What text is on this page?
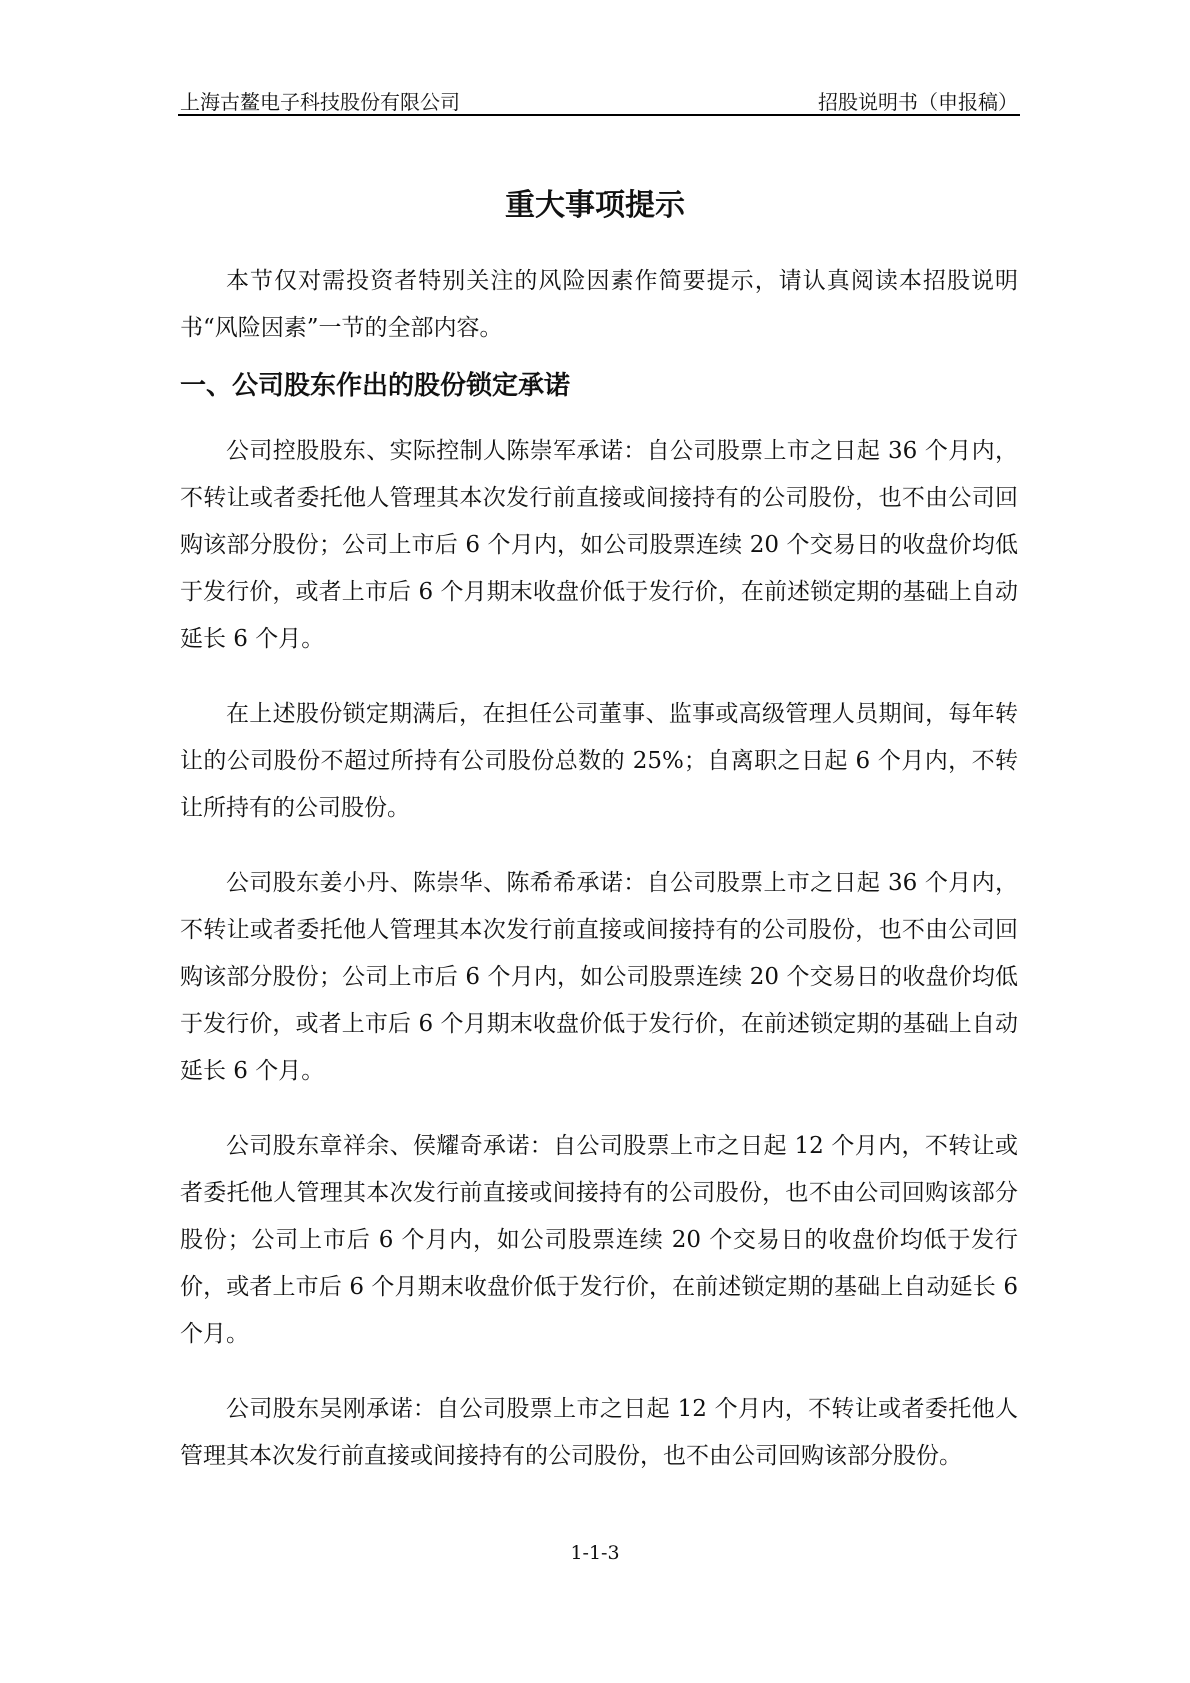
上海古鳌电子科技股份有限公司	招股说明书（申报稿）
重大事项提示

本节仅对需投资者特别关注的风险因素作简要提示，请认真阅读本招股说明书“风险因素”一节的全部内容。

一、公司股东作出的股份锁定承诺

公司控股股东、实际控制人陈崇军承诺：自公司股票上市之日起 36 个月内，不转让或者委托他人管理其本次发行前直接或间接持有的公司股份，也不由公司回购该部分股份；公司上市后 6 个月内，如公司股票连续 20 个交易日的收盘价均低于发行价，或者上市后 6 个月期末收盘价低于发行价，在前述锁定期的基础上自动延长 6 个月。

在上述股份锁定期满后，在担任公司董事、监事或高级管理人员期间，每年转让的公司股份不超过所持有公司股份总数的 25%；自离职之日起 6 个月内，不转让所持有的公司股份。

公司股东姜小丹、陈崇华、陈希希承诺：自公司股票上市之日起 36 个月内，不转让或者委托他人管理其本次发行前直接或间接持有的公司股份，也不由公司回购该部分股份；公司上市后 6 个月内，如公司股票连续 20 个交易日的收盘价均低于发行价，或者上市后 6 个月期末收盘价低于发行价，在前述锁定期的基础上自动延长 6 个月。

公司股东章祥余、侯耀奇承诺：自公司股票上市之日起 12 个月内，不转让或者委托他人管理其本次发行前直接或间接持有的公司股份，也不由公司回购该部分股份；公司上市后 6 个月内，如公司股票连续 20 个交易日的收盘价均低于发行价，或者上市后 6 个月期末收盘价低于发行价，在前述锁定期的基础上自动延长 6 个月。

公司股东吴刚承诺：自公司股票上市之日起 12 个月内，不转让或者委托他人管理其本次发行前直接或间接持有的公司股份，也不由公司回购该部分股份。

1-1-3
